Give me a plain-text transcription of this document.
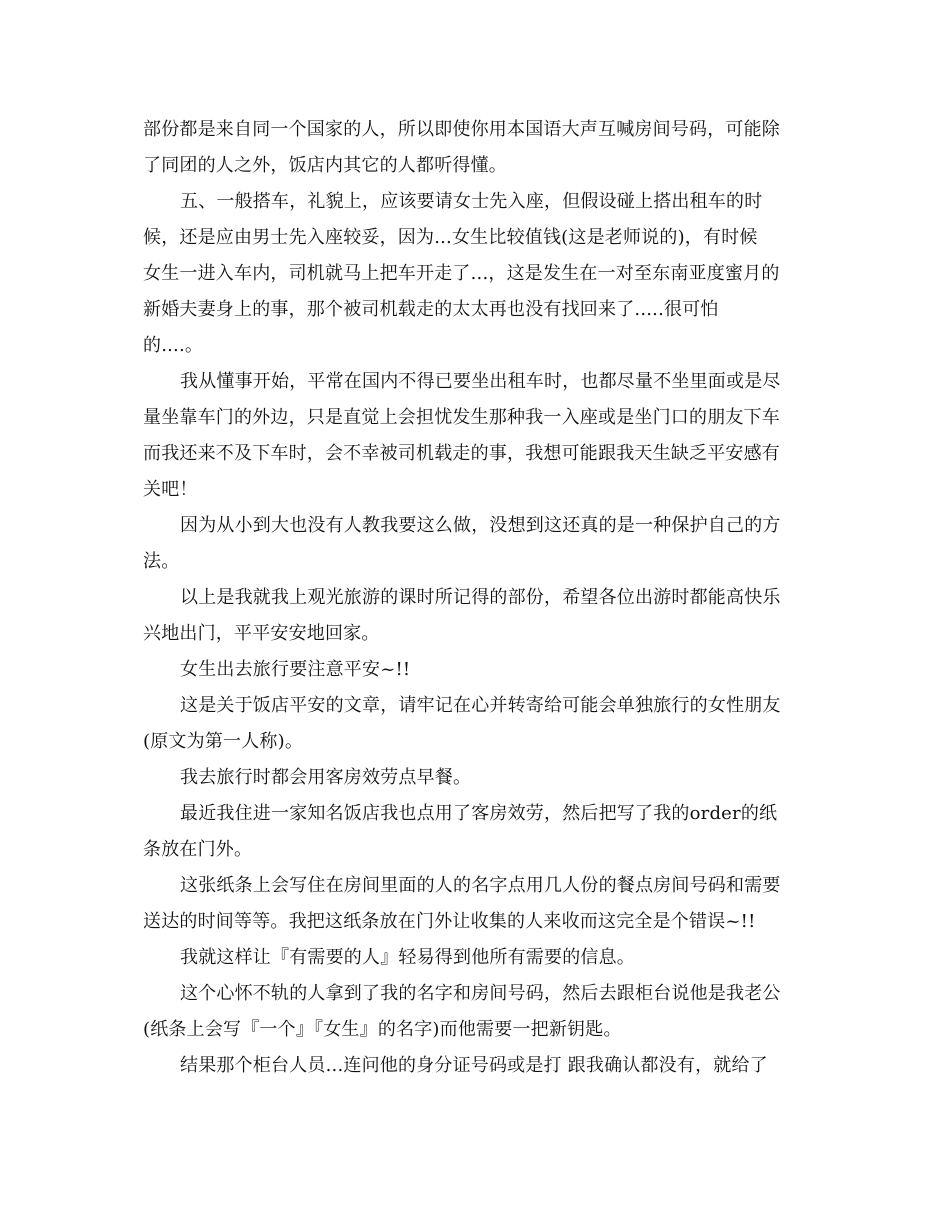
部份都是来自同一个国家的人，所以即使你用本国语大声互喊房间号码，可能除

了同团的人之外，饭店内其它的人都听得懂。

五、一般搭车，礼貌上，应该要请女士先入座，但假设碰上搭出租车的时

候，还是应由男士先入座较妥，因为...女生比较值钱(这是老师说的)，有时候

女生一进入车内，司机就马上把车开走了...，这是发生在一对至东南亚度蜜月的

新婚夫妻身上的事，那个被司机载走的太太再也没有找回来了.....很可怕

的....。

我从懂事开始，平常在国内不得已要坐出租车时，也都尽量不坐里面或是尽

量坐靠车门的外边，只是直觉上会担忧发生那种我一入座或是坐门口的朋友下车

而我还来不及下车时，会不幸被司机载走的事，我想可能跟我天生缺乏平安感有

关吧！

因为从小到大也没有人教我要这么做，没想到这还真的是一种保护自己的方

法。

以上是我就我上观光旅游的课时所记得的部份，希望各位出游时都能高快乐

兴地出门，平平安安地回家。

女生出去旅行要注意平安~!!

这是关于饭店平安的文章，请牢记在心并转寄给可能会单独旅行的女性朋友

(原文为第一人称)。

我去旅行时都会用客房效劳点早餐。

最近我住进一家知名饭店我也点用了客房效劳，然后把写了我的order的纸

条放在门外。

这张纸条上会写住在房间里面的人的名字点用几人份的餐点房间号码和需要

送达的时间等等。我把这纸条放在门外让收集的人来收而这完全是个错误~!!

我就这样让『有需要的人』轻易得到他所有需要的信息。

这个心怀不轨的人拿到了我的名字和房间号码，然后去跟柜台说他是我老公

(纸条上会写『一个』『女生』的名字)而他需要一把新钥匙。

结果那个柜台人员...连问他的身分证号码或是打 跟我确认都没有，就给了
